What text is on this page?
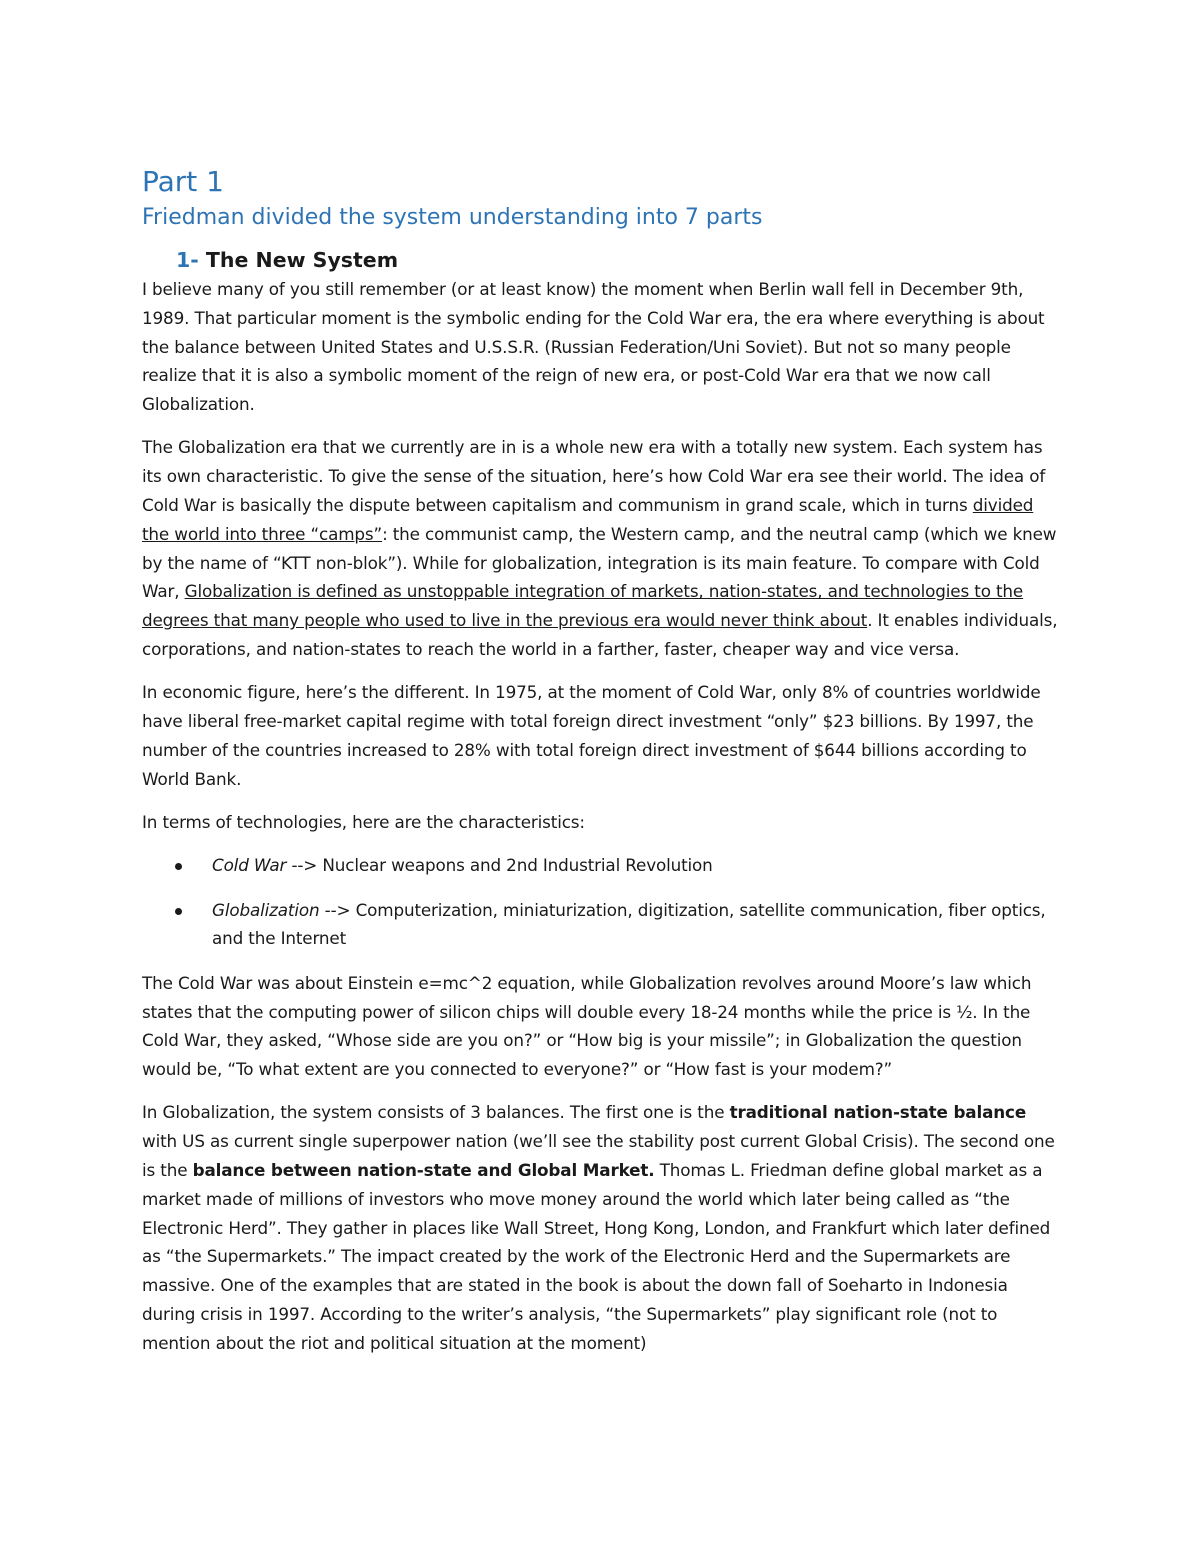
Part 1
Friedman divided the system understanding into 7 parts
1- The New System

I believe many of you still remember (or at least know) the moment when Berlin wall fell in December 9th, 1989. That particular moment is the symbolic ending for the Cold War era, the era where everything is about the balance between United States and U.S.S.R. (Russian Federation/Uni Soviet). But not so many people realize that it is also a symbolic moment of the reign of new era, or post-Cold War era that we now call Globalization.

The Globalization era that we currently are in is a whole new era with a totally new system. Each system has its own characteristic. To give the sense of the situation, here’s how Cold War era see their world. The idea of Cold War is basically the dispute between capitalism and communism in grand scale, which in turns divided the world into three “camps”: the communist camp, the Western camp, and the neutral camp (which we knew by the name of “KTT non-blok”). While for globalization, integration is its main feature. To compare with Cold War, Globalization is defined as unstoppable integration of markets, nation-states, and technologies to the degrees that many people who used to live in the previous era would never think about. It enables individuals, corporations, and nation-states to reach the world in a farther, faster, cheaper way and vice versa.

In economic figure, here’s the different. In 1975, at the moment of Cold War, only 8% of countries worldwide have liberal free-market capital regime with total foreign direct investment “only” $23 billions. By 1997, the number of the countries increased to 28% with total foreign direct investment of $644 billions according to World Bank.

In terms of technologies, here are the characteristics:

Cold War --> Nuclear weapons and 2nd Industrial Revolution
Globalization --> Computerization, miniaturization, digitization, satellite communication, fiber optics, and the Internet

The Cold War was about Einstein e=mc^2 equation, while Globalization revolves around Moore’s law which states that the computing power of silicon chips will double every 18-24 months while the price is ½. In the Cold War, they asked, “Whose side are you on?” or “How big is your missile”; in Globalization the question would be, “To what extent are you connected to everyone?” or “How fast is your modem?”

In Globalization, the system consists of 3 balances. The first one is the traditional nation-state balance with US as current single superpower nation (we’ll see the stability post current Global Crisis). The second one is the balance between nation-state and Global Market. Thomas L. Friedman define global market as a market made of millions of investors who move money around the world which later being called as “the Electronic Herd”. They gather in places like Wall Street, Hong Kong, London, and Frankfurt which later defined as “the Supermarkets.” The impact created by the work of the Electronic Herd and the Supermarkets are massive. One of the examples that are stated in the book is about the down fall of Soeharto in Indonesia during crisis in 1997. According to the writer’s analysis, “the Supermarkets” play significant role (not to mention about the riot and political situation at the moment)
